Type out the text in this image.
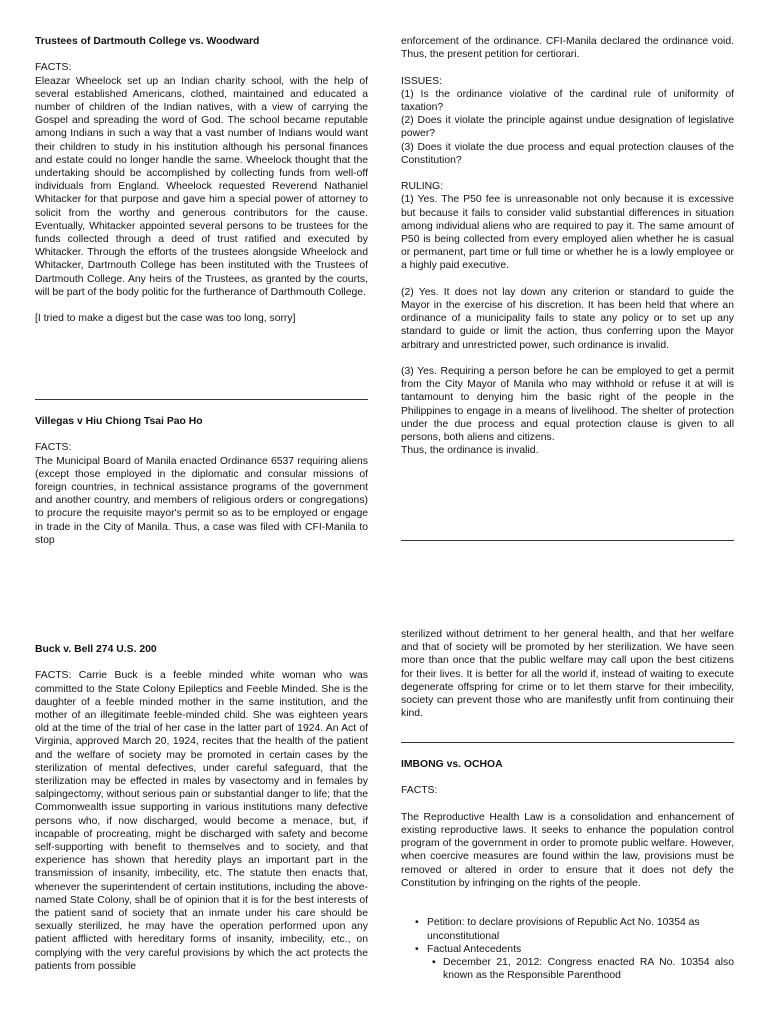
Trustees of Dartmouth College vs. Woodward

FACTS:

Eleazar Wheelock set up an Indian charity school, with the help of several established Americans, clothed, maintained and educated a number of children of the Indian natives, with a view of carrying the Gospel and spreading the word of God. The school became reputable among Indians in such a way that a vast number of Indians would want their children to study in his institution although his personal finances and estate could no longer handle the same. Wheelock thought that the undertaking should be accomplished by collecting funds from well-off individuals from England. Wheelock requested Reverend Nathaniel Whitacker for that purpose and gave him a special power of attorney to solicit from the worthy and generous contributors for the cause. Eventually, Whitacker appointed several persons to be trustees for the funds collected through a deed of trust ratified and executed by Whitacker. Through the efforts of the trustees alongside Wheelock and Whitacker, Dartmouth College has been instituted with the Trustees of Dartmouth College. Any heirs of the Trustees, as granted by the courts, will be part of the body politic for the furtherance of Darthmouth College.

[I tried to make a digest but the case was too long, sorry]

Villegas v Hiu Chiong Tsai Pao Ho

FACTS:

The Municipal Board of Manila enacted Ordinance 6537 requiring aliens (except those employed in the diplomatic and consular missions of foreign countries, in technical assistance programs of the government and another country, and members of religious orders or congregations) to procure the requisite mayor's permit so as to be employed or engage in trade in the City of Manila. Thus, a case was filed with CFI-Manila to stop

enforcement of the ordinance. CFI-Manila declared the ordinance void. Thus, the present petition for certiorari.

ISSUES:

(1) Is the ordinance violative of the cardinal rule of uniformity of taxation?

(2) Does it violate the principle against undue designation of legislative power?

(3) Does it violate the due process and equal protection clauses of the Constitution?

RULING:

(1) Yes. The P50 fee is unreasonable not only because it is excessive but because it fails to consider valid substantial differences in situation among individual aliens who are required to pay it. The same amount of P50 is being collected from every employed alien whether he is casual or permanent, part time or full time or whether he is a lowly employee or a highly paid executive.

(2) Yes. It does not lay down any criterion or standard to guide the Mayor in the exercise of his discretion. It has been held that where an ordinance of a municipality fails to state any policy or to set up any standard to guide or limit the action, thus conferring upon the Mayor arbitrary and unrestricted power, such ordinance is invalid.

(3) Yes. Requiring a person before he can be employed to get a permit from the City Mayor of Manila who may withhold or refuse it at will is tantamount to denying him the basic right of the people in the Philippines to engage in a means of livelihood. The shelter of protection under the due process and equal protection clause is given to all persons, both aliens and citizens.

Thus, the ordinance is invalid.

Buck v. Bell 274 U.S. 200

FACTS: Carrie Buck is a feeble minded white woman who was committed to the State Colony Epileptics and Feeble Minded. She is the daughter of a feeble minded mother in the same institution, and the mother of an illegitimate feeble-minded child. She was eighteen years old at the time of the trial of her case in the latter part of 1924. An Act of Virginia, approved March 20, 1924, recites that the health of the patient and the welfare of society may be promoted in certain cases by the sterilization of mental defectives, under careful safeguard, that the sterilization may be effected in males by vasectomy and in females by salpingectomy, without serious pain or substantial danger to life; that the Commonwealth issue supporting in various institutions many defective persons who, if now discharged, would become a menace, but, if incapable of procreating, might be discharged with safety and become self-supporting with benefit to themselves and to society, and that experience has shown that heredity plays an important part in the transmission of insanity, imbecility, etc. The statute then enacts that, whenever the superintendent of certain institutions, including the above-named State Colony, shall be of opinion that it is for the best interests of the patient sand of society that an inmate under his care should be sexually sterilized, he may have the operation performed upon any patient afflicted with hereditary forms of insanity, imbecility, etc., on complying with the very careful provisions by which the act protects the patients from possible

sterilized without detriment to her general health, and that her welfare and that of society will be promoted by her sterilization. We have seen more than once that the public welfare may call upon the best citizens for their lives. It is better for all the world if, instead of waiting to execute degenerate offspring for crime or to let them starve for their imbecility, society can prevent those who are manifestly unfit from continuing their kind.

IMBONG vs. OCHOA

FACTS:

The Reproductive Health Law is a consolidation and enhancement of existing reproductive laws. It seeks to enhance the population control program of the government in order to promote public welfare. However, when coercive measures are found within the law, provisions must be removed or altered in order to ensure that it does not defy the Constitution by infringing on the rights of the people.

• Petition: to declare provisions of Republic Act No. 10354 as unconstitutional
• Factual Antecedents
▪ December 21, 2012: Congress enacted RA No. 10354 also known as the Responsible Parenthood
